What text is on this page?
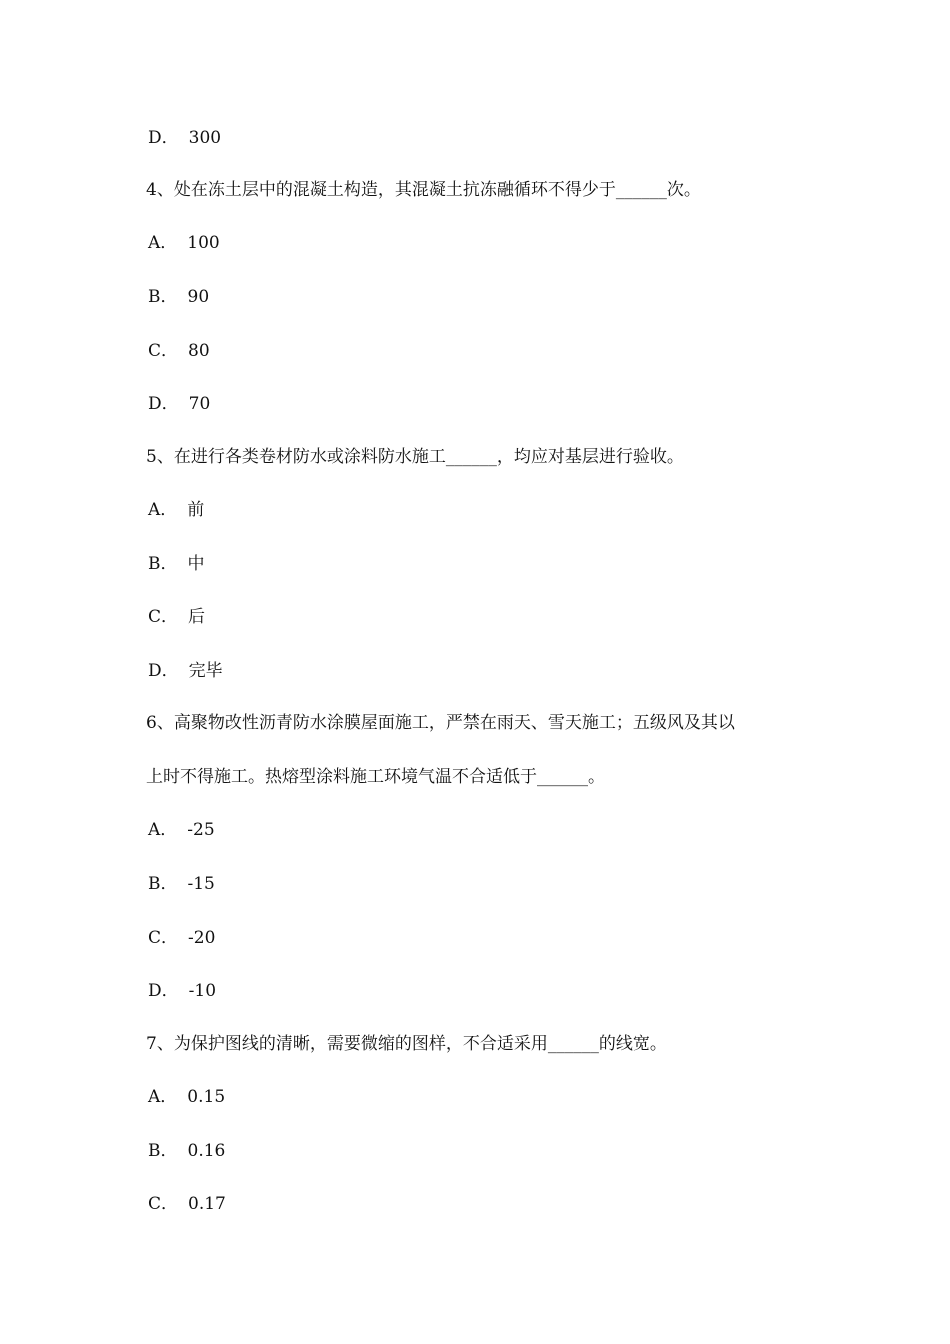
D． 300
4、处在冻土层中的混凝土构造，其混凝土抗冻融循环不得少于______次。
A． 100
B． 90
C． 80
D． 70
5、在进行各类卷材防水或涂料防水施工______，均应对基层进行验收。
A． 前
B． 中
C． 后
D． 完毕
6、高聚物改性沥青防水涂膜屋面施工，严禁在雨天、雪天施工；五级风及其以
上时不得施工。热熔型涂料施工环境气温不合适低于______。
A． -25
B． -15
C． -20
D． -10
7、为保护图线的清晰，需要微缩的图样，不合适采用______的线宽。
A． 0.15
B． 0.16
C． 0.17
